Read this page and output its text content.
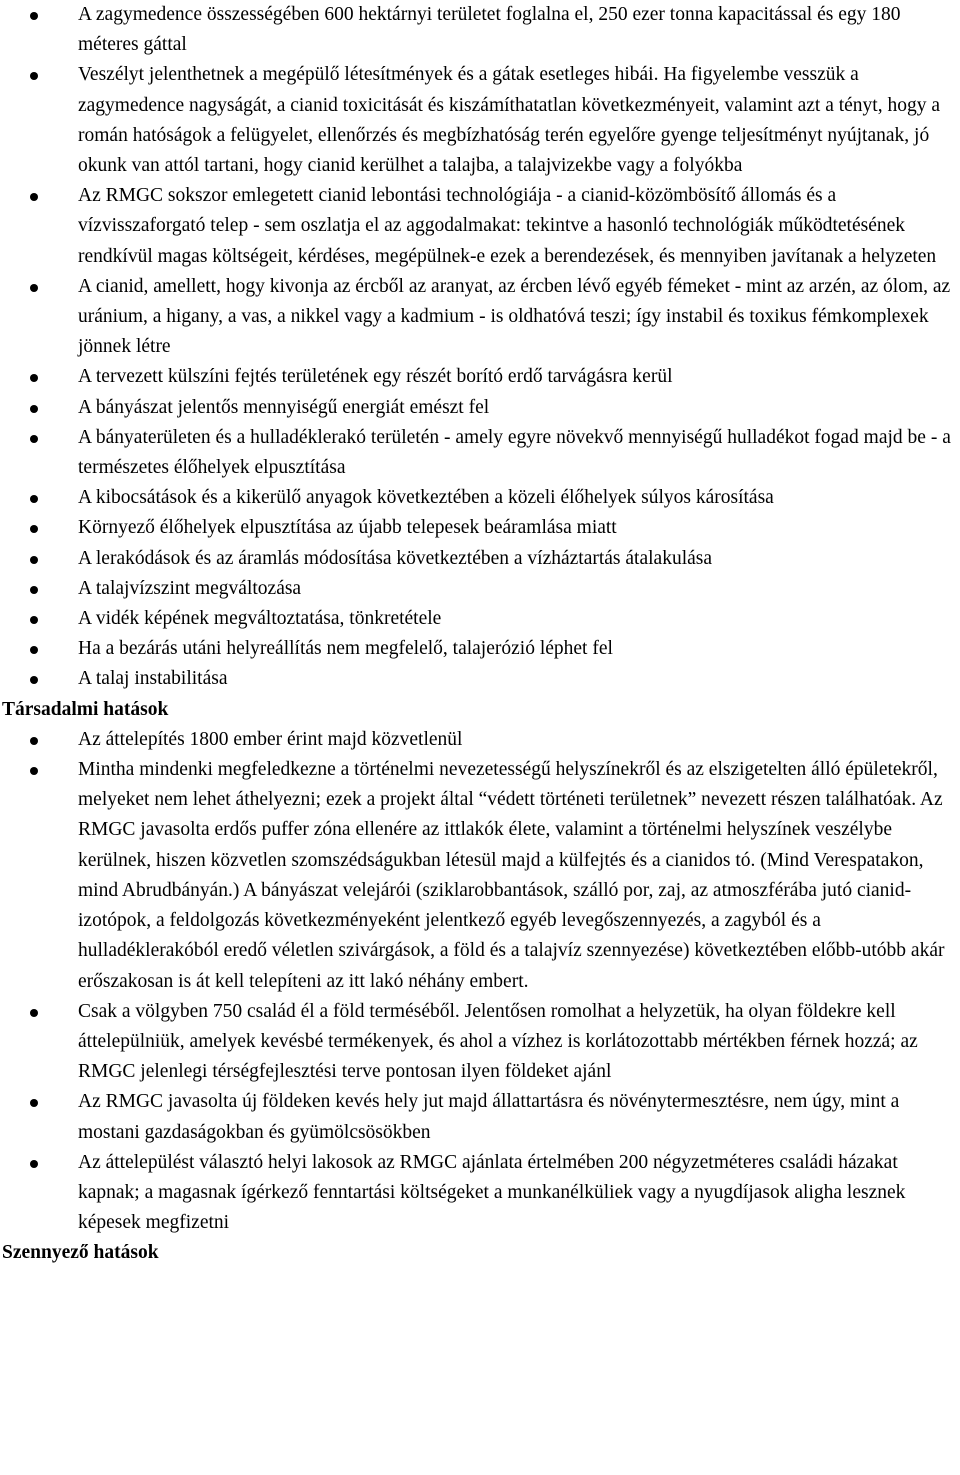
A zagymedence összességében 600 hektárnyi területet foglalna el, 250 ezer tonna kapacitással és egy 180 méteres gáttal
Veszélyt jelenthetnek a megépülő létesítmények és a gátak esetleges hibái. Ha figyelembe vesszük a zagymedence nagyságát, a cianid toxicitását és kiszámíthatatlan következményeit, valamint azt a tényt, hogy a román hatóságok a felügyelet, ellenőrzés és megbízhatóság terén egyelőre gyenge teljesítményt nyújtanak, jó okunk van attól tartani, hogy cianid kerülhet a talajba, a talajvizekbe vagy a folyókba
Az RMGC sokszor emlegetett cianid lebontási technológiája - a cianid-közömbösítő állomás és a vízvisszaforgató telep - sem oszlatja el az aggodalmakat: tekintve a hasonló technológiák működtetésének rendkívül magas költségeit, kérdéses, megépülnek-e ezek a berendezések, és mennyiben javítanak a helyzeten
A cianid, amellett, hogy kivonja az ércből az aranyat, az ércben lévő egyéb fémeket - mint az arzén, az ólom, az uránium, a higany, a vas, a nikkel vagy a kadmium - is oldhatóvá teszi; így instabil és toxikus fémkomplexek jönnek létre
A tervezett külszíni fejtés területének egy részét borító erdő tarvágásra kerül
A bányászat jelentős mennyiségű energiát emészt fel
A bányaterületen és a hulladéklerakó területén - amely egyre növekvő mennyiségű hulladékot fogad majd be - a természetes élőhelyek elpusztítása
A kibocsátások és a kikerülő anyagok következtében a közeli élőhelyek súlyos károsítása
Környező élőhelyek elpusztítása az újabb telepesek beáramlása miatt
A lerakódások és az áramlás módosítása következtében a vízháztartás átalakulása
A talajvízszint megváltozása
A vidék képének megváltoztatása, tönkretétele
Ha a bezárás utáni helyreállítás nem megfelelő, talajerózió léphet fel
A talaj instabilitása
Társadalmi hatások
Az áttelepítés 1800 ember érint majd közvetlenül
Mintha mindenki megfeledkezne a történelmi nevezetességű helyszínekről és az elszigetelten álló épületekről, melyeket nem lehet áthelyezni; ezek a projekt által “védett történeti területnek” nevezett részen találhatóak. Az RMGC javasolta erdős puffer zóna ellenére az ittlakók élete, valamint a történelmi helyszínek veszélybe kerülnek, hiszen közvetlen szomszédságukban létesül majd a külfejtés és a cianidos tó. (Mind Verespatakon, mind Abrudbányán.) A bányászat velejárói (sziklarobbantások, szálló por, zaj, az atmoszférába jutó cianid-izotópok, a feldolgozás következményeként jelentkező egyéb levegőszennyezés, a zagyból és a hulladéklerakóból eredő véletlen szivárgások, a föld és a talajvíz szennyezése) következtében előbb-utóbb akár erőszakosan is át kell telepíteni az itt lakó néhány embert.
Csak a völgyben 750 család él a föld terméséből. Jelentősen romolhat a helyzetük, ha olyan földekre kell áttelepülniük, amelyek kevésbé termékenyek, és ahol a vízhez is korlátozottabb mértékben férnek hozzá; az RMGC jelenlegi térségfejlesztési terve pontosan ilyen földeket ajánl
Az RMGC javasolta új földeken kevés hely jut majd állattartásra és növénytermesztésre, nem úgy, mint a mostani gazdaságokban és gyümölcsösökben
Az áttelepülést választó helyi lakosok az RMGC ajánlata értelmében 200 négyzetméteres családi házakat kapnak; a magasnak ígérkező fenntartási költségeket a munkanélküliek vagy a nyugdíjasok aligha lesznek képesek megfizetni
Szennyező hatások
